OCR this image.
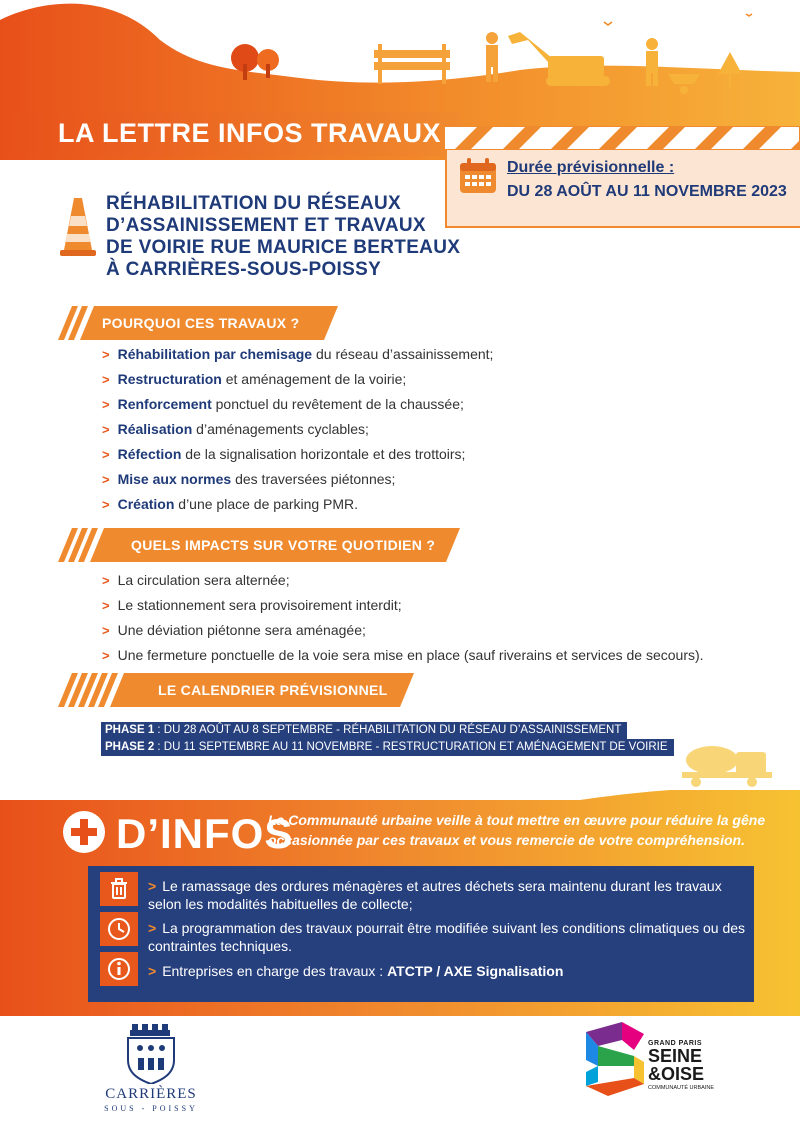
LA LETTRE INFOS TRAVAUX
Durée prévisionnelle :
DU 28 AOÛT AU 11 NOVEMBRE 2023
RÉHABILITATION DU RÉSEAUX
D’ASSAINISSEMENT ET TRAVAUX
DE VOIRIE RUE MAURICE BERTEAUX
À CARRIÈRES-SOUS-POISSY
POURQUOI CES TRAVAUX ?
> Réhabilitation par chemisage du réseau d’assainissement;
> Restructuration et aménagement de la voirie;
> Renforcement ponctuel du revêtement de la chaussée;
> Réalisation d’aménagements cyclables;
> Réfection de la signalisation horizontale et des trottoirs;
> Mise aux normes des traversées piétonnes;
> Création d’une place de parking PMR.
QUELS IMPACTS SUR VOTRE QUOTIDIEN ?
> La circulation sera alternée;
> Le stationnement sera provisoirement interdit;
> Une déviation piétonne sera aménagée;
> Une fermeture ponctuelle de la voie sera mise en place (sauf riverains et services de secours).
LE CALENDRIER PRÉVISIONNEL
PHASE 1 : DU 28 AOÛT AU 8 SEPTEMBRE - RÉHABILITATION DU RÉSEAU D’ASSAINISSEMENT
PHASE 2 : DU 11 SEPTEMBRE AU 11 NOVEMBRE - RESTRUCTURATION ET AMÉNAGEMENT DE VOIRIE
D’INFOS
La Communauté urbaine veille à tout mettre en œuvre pour réduire la gêne occasionnée par ces travaux et vous remercie de votre compréhension.
> Le ramassage des ordures ménagères et autres déchets sera maintenu durant les travaux selon les modalités habituelles de collecte;
> La programmation des travaux pourrait être modifiée suivant les conditions climatiques ou des contraintes techniques.
> Entreprises en charge des travaux : ATCTP / AXE Signalisation
CARRIÈRES
SOUS - POISSY
GRAND PARIS
SEINE
&OISE
COMMUNAUTÉ URBAINE
